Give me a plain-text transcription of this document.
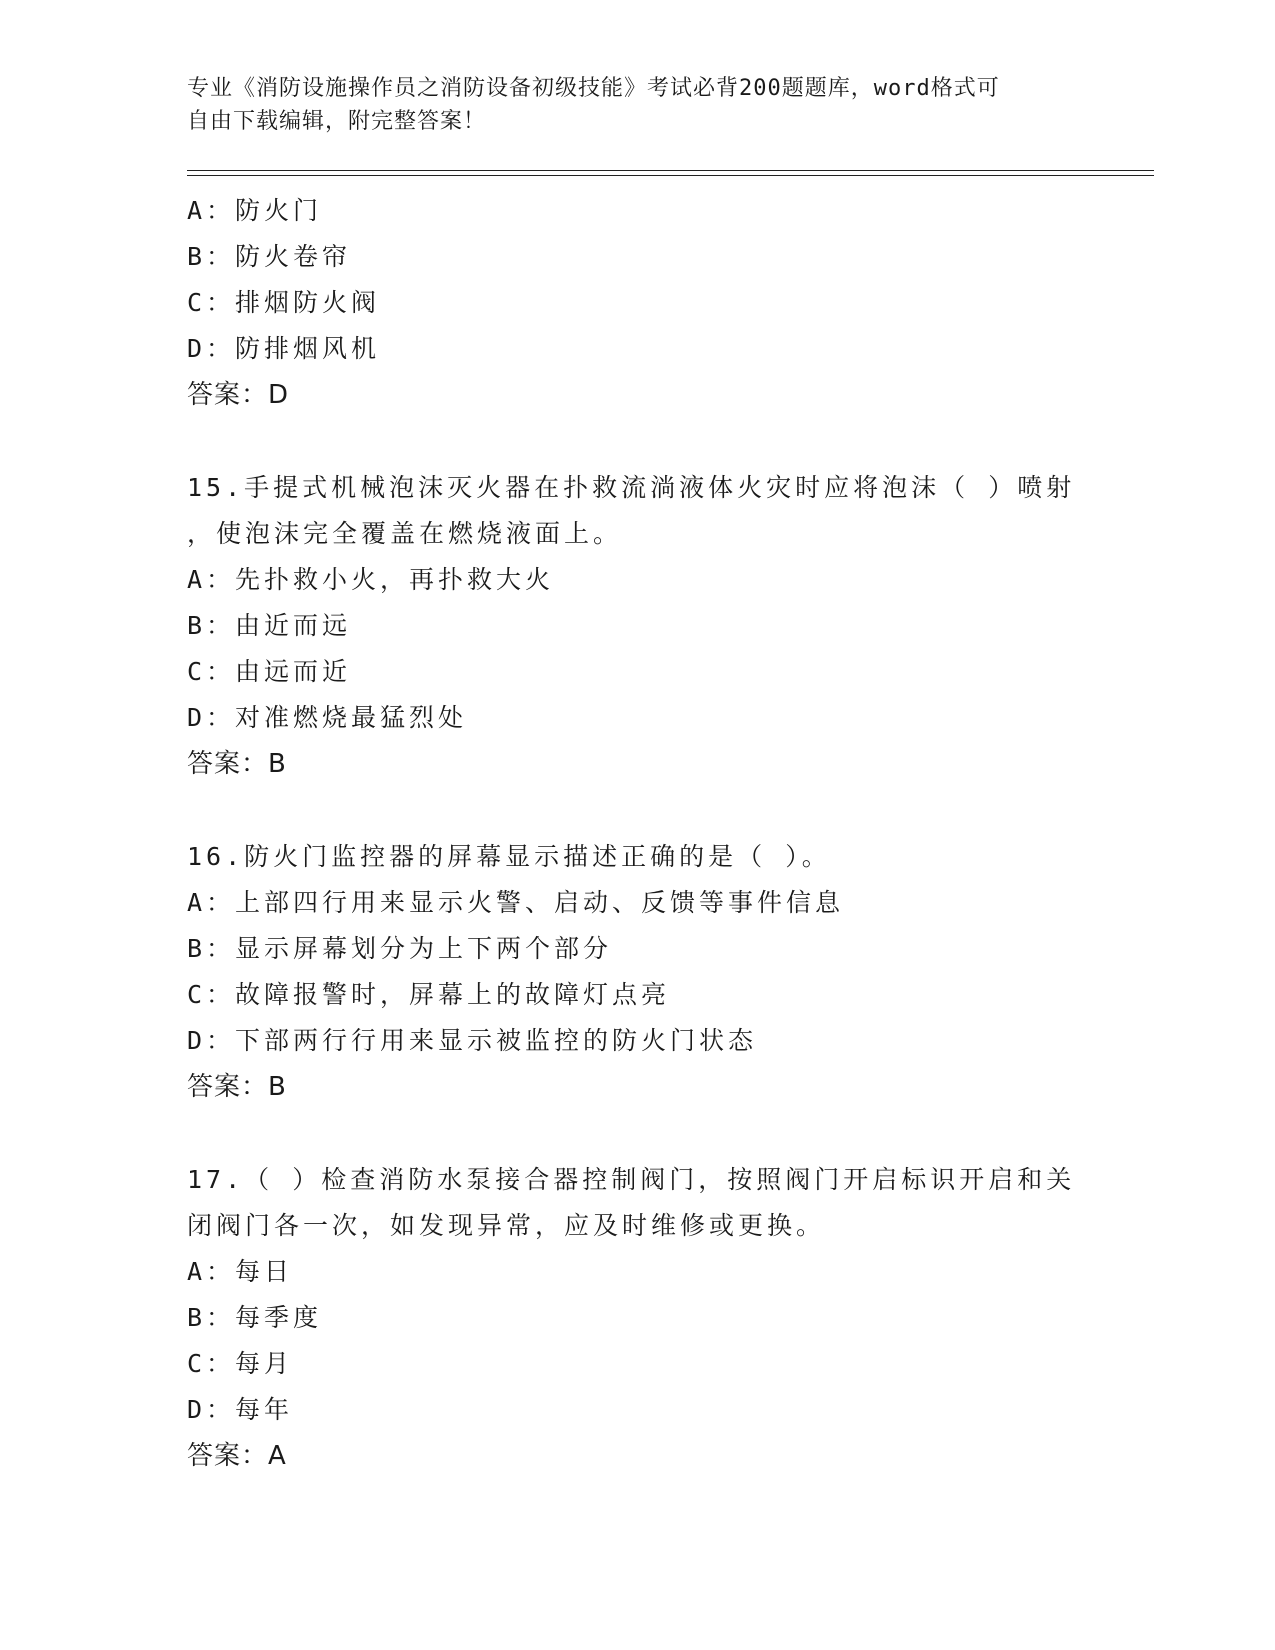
专业《消防设施操作员之消防设备初级技能》考试必背200题题库，word格式可
自由下载编辑，附完整答案！
A：防火门
B：防火卷帘
C：排烟防火阀
D：防排烟风机
答案：D
15.手提式机械泡沫灭火器在扑救流淌液体火灾时应将泡沫（ ）喷射
，使泡沫完全覆盖在燃烧液面上。
A：先扑救小火，再扑救大火
B：由近而远
C：由远而近
D：对准燃烧最猛烈处
答案：B
16.防火门监控器的屏幕显示描述正确的是（ ）。
A：上部四行用来显示火警、启动、反馈等事件信息
B：显示屏幕划分为上下两个部分
C：故障报警时，屏幕上的故障灯点亮
D：下部两行行用来显示被监控的防火门状态
答案：B
17.（ ）检查消防水泵接合器控制阀门，按照阀门开启标识开启和关
闭阀门各一次，如发现异常，应及时维修或更换。
A：每日
B：每季度
C：每月
D：每年
答案：A
